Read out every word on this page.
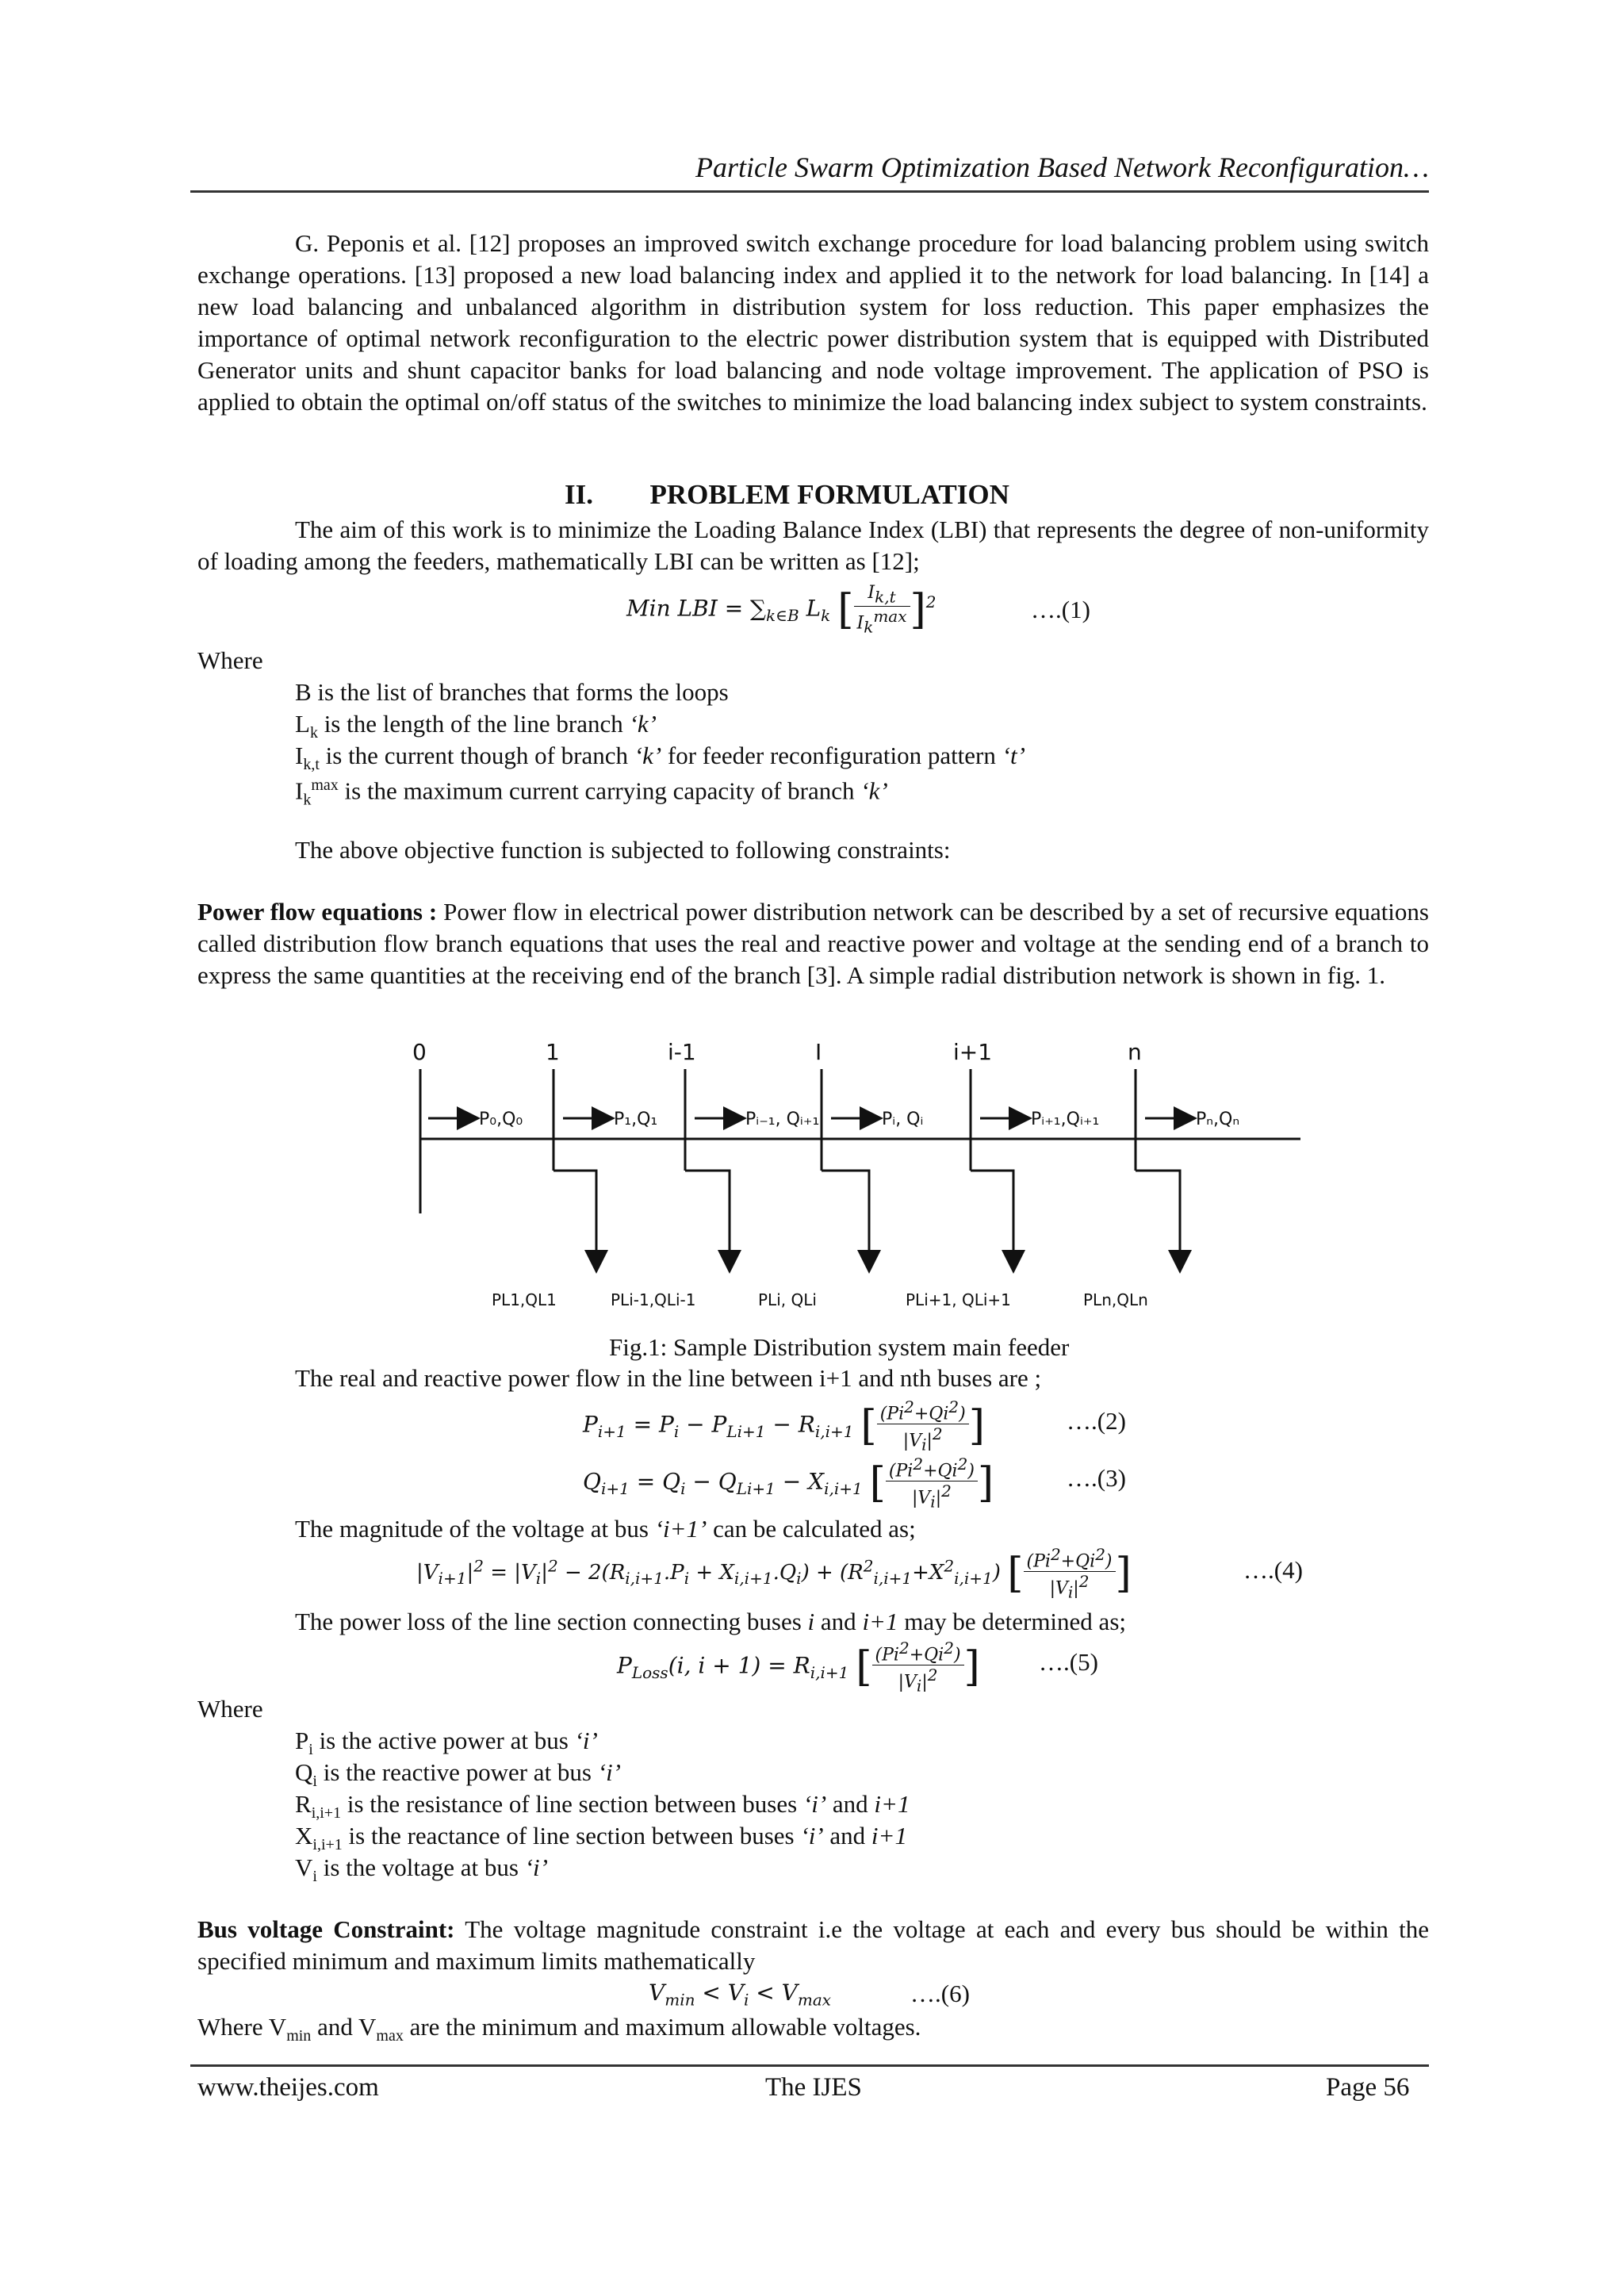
Particle Swarm Optimization Based Network Reconfiguration…
G. Peponis et al. [12] proposes an improved switch exchange procedure for load balancing problem using switch exchange operations. [13] proposed a new load balancing index and applied it to the network for load balancing. In [14] a new load balancing and unbalanced algorithm in distribution system for loss reduction. This paper emphasizes the importance of optimal network reconfiguration to the electric power distribution system that is equipped with Distributed Generator units and shunt capacitor banks for load balancing and node voltage improvement. The application of PSO is applied to obtain the optimal on/off status of the switches to minimize the load balancing index subject to system constraints.
II. PROBLEM FORMULATION
The aim of this work is to minimize the Loading Balance Index (LBI) that represents the degree of non-uniformity of loading among the feeders, mathematically LBI can be written as [12];
Min LBI = $\sum_{k\in B}$ $L_k$ [ $\frac{I_{k,t}}{I_k^{max}} ]^2$	….(1)
Where
B is the list of branches that forms the loops
$L_k$ is the length of the line branch ‘k’
$I_{k,t}$ is the current though of branch ‘k’ for feeder reconfiguration pattern ‘t’
$I_k^{max}$ is the maximum current carrying capacity of branch ‘k’
The above objective function is subjected to following constraints:
Power flow equations : Power flow in electrical power distribution network can be described by a set of recursive equations called distribution flow branch equations that uses the real and reactive power and voltage at the sending end of a branch to express the same quantities at the receiving end of the branch [3]. A simple radial distribution network is shown in fig. 1.
0	1	i-1	I	i+1	n
P₀,Q₀	P₁,Q₁	Pᵢ₋₁, Qᵢ₊₁	Pᵢ, Qᵢ	Pᵢ₊₁,Qᵢ₊₁	Pₙ,Qₙ
PL1,QL1	PLi-1,QLi-1	PLi, QLi	PLi+1, QLi+1	PLn,QLn
Fig.1: Sample Distribution system main feeder
The real and reactive power flow in the line between i+1 and nth buses are ;
$P_{i+1} = P_i - P_{Li+1} - R_{i,i+1}$ [ $\frac{(Pi^2+Qi^2)}{|V_i|^2}$ ]	….(2)
$Q_{i+1} = Q_i - Q_{Li+1} - X_{i,i+1}$ [ $\frac{(Pi^2+Qi^2)}{|V_i|^2}$ ]	….(3)
The magnitude of the voltage at bus ‘i+1’ can be calculated as;
$|V_{i+1}|^2 = |V_i|^2 - 2(R_{i,i+1}.P_i + X_{i,i+1}.Q_i) + (R^2_{i,i+1}+X^2_{i,i+1})$ [ $\frac{(Pi^2+Qi^2)}{|V_i|^2}$ ]	….(4)
The power loss of the line section connecting buses i and i+1 may be determined as;
$P_{Loss}(i$, $i + 1) = R_{i,i+1}$ [ $\frac{(Pi^2+Qi^2)}{|V_i|^2}$ ]	….(5)
Where
$P_i$ is the active power at bus ‘i’
$Q_i$ is the reactive power at bus ‘i’
$R_{i,i+1}$ is the resistance of line section between buses ‘i’ and i+1
$X_{i,i+1}$ is the reactance of line section between buses ‘i’ and i+1
$V_i$ is the voltage at bus ‘i’
Bus voltage Constraint: The voltage magnitude constraint i.e the voltage at each and every bus should be within the specified minimum and maximum limits mathematically
$V_{min} < V_i < V_{max}$	….(6)
Where $V_{min}$ and $V_{max}$ are the minimum and maximum allowable voltages.
www.theijes.com	The IJES	Page 56
